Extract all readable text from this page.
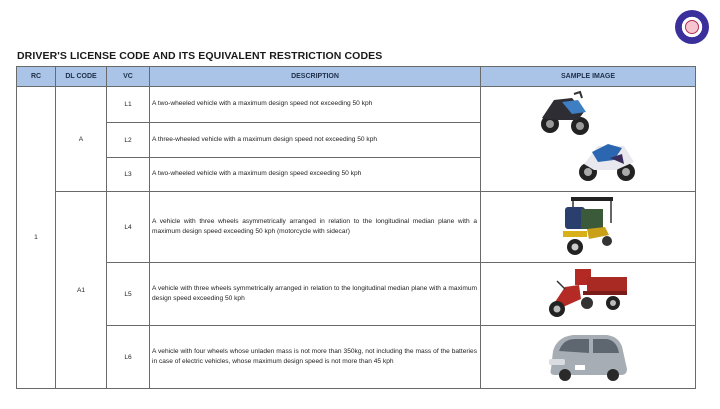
DRIVER'S LICENSE CODE AND ITS EQUIVALENT RESTRICTION CODES
RC	DL CODE	VC	DESCRIPTION	SAMPLE IMAGE
1	A	L1	A two-wheeled vehicle with a maximum design speed not exceeding 50 kph	
		L2	A three-wheeled vehicle with a maximum design speed not exceeding 50 kph	
		L3	A two-wheeled vehicle with a maximum design speed exceeding 50 kph	
	A1	L4	A vehicle with three wheels asymmetrically arranged in relation to the longitudinal median plane with a maximum design speed exceeding 50 kph (motorcycle with sidecar)	
		L5	A vehicle with three wheels symmetrically arranged in relation to the longitudinal median plane with a maximum design speed exceeding 50 kph	
		L6	A vehicle with four wheels whose unladen mass is not more than 350kg, not including the mass of the batteries in case of electric vehicles, whose maximum design speed is not more than 45 kph	
